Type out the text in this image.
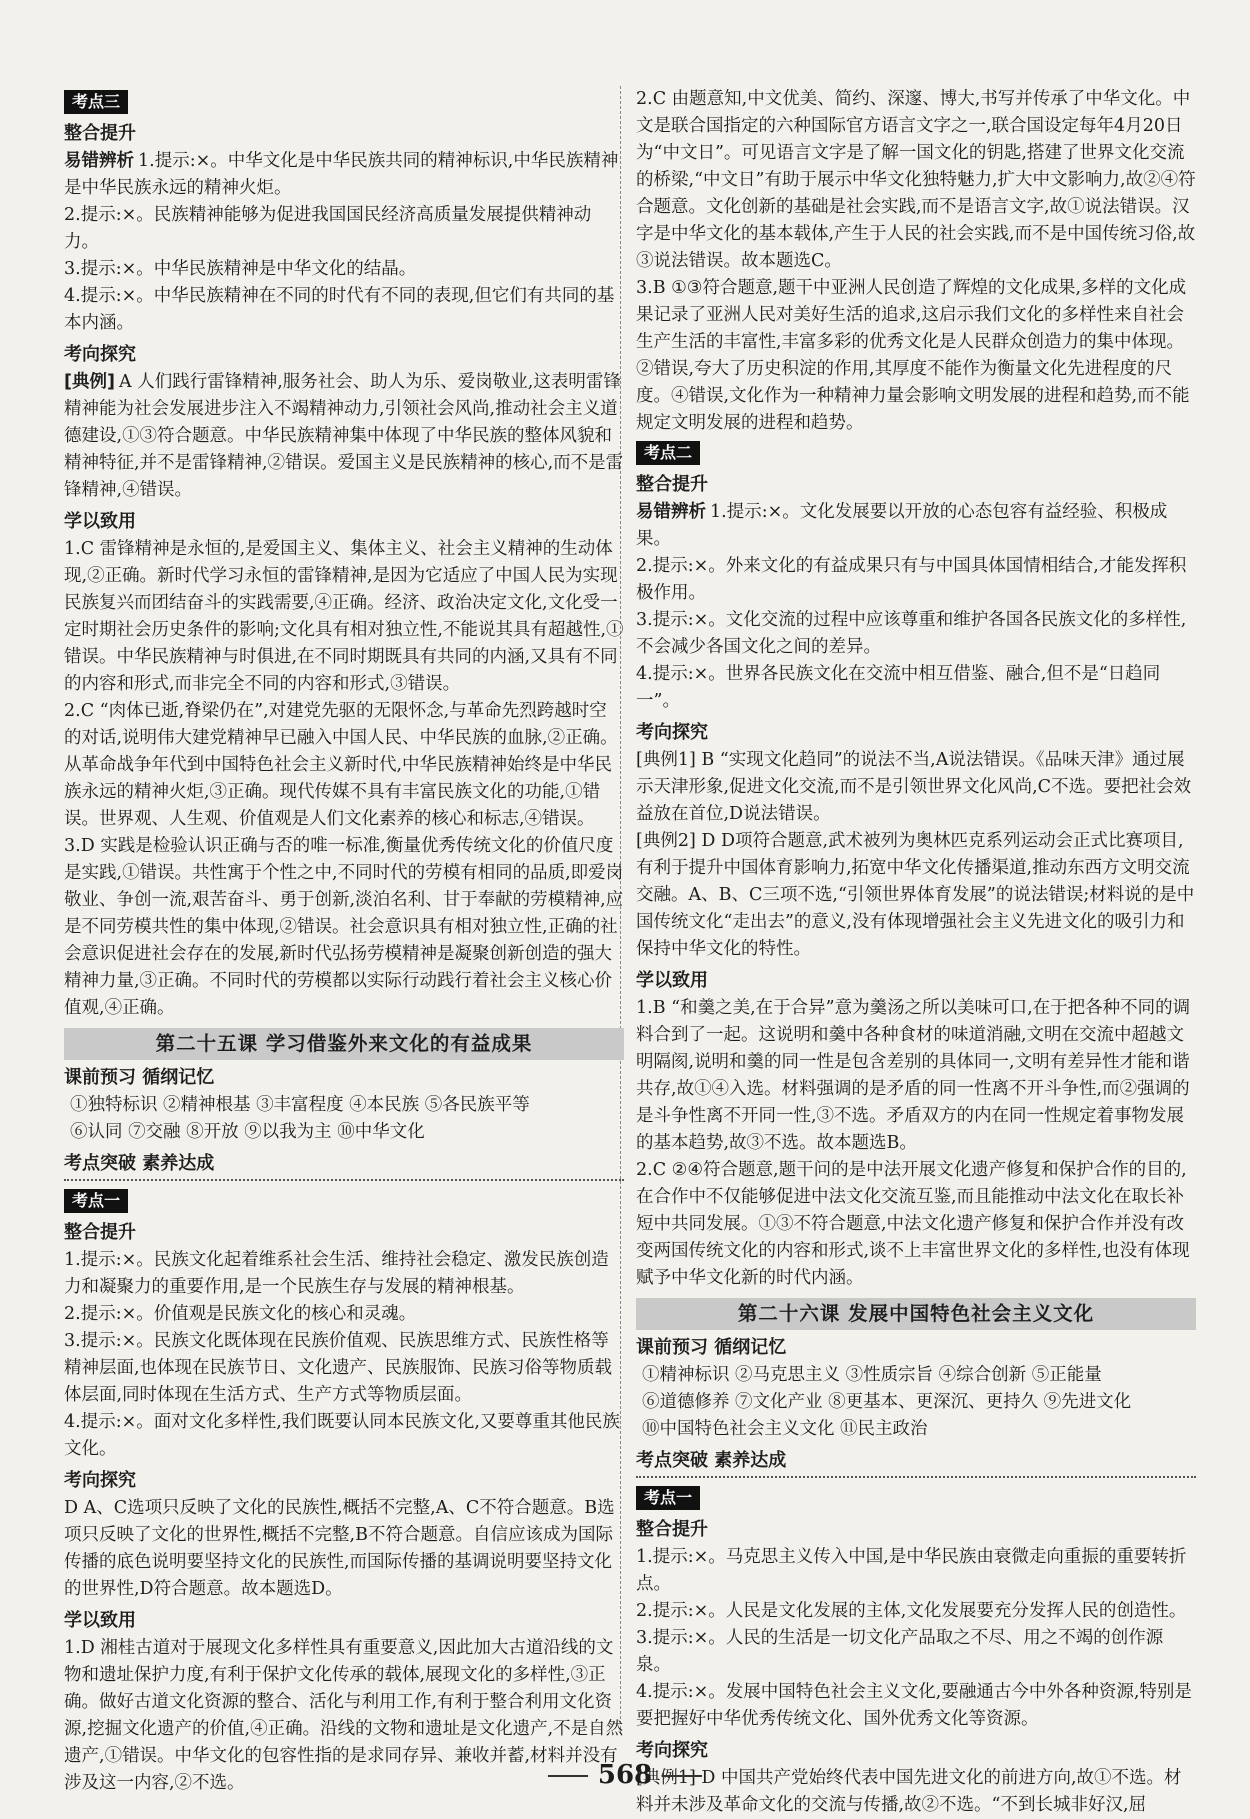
考点三
整合提升

易错辨析 1.提示:×。中华文化是中华民族共同的精神标识,中华民族精神是中华民族永远的精神火炬。

2.提示:×。民族精神能够为促进我国国民经济高质量发展提供精神动力。

3.提示:×。中华民族精神是中华文化的结晶。

4.提示:×。中华民族精神在不同的时代有不同的表现,但它们有共同的基本内涵。

考向探究

[典例] A 人们践行雷锋精神,服务社会、助人为乐、爱岗敬业,这表明雷锋精神能为社会发展进步注入不竭精神动力,引领社会风尚,推动社会主义道德建设,①③符合题意。中华民族精神集中体现了中华民族的整体风貌和精神特征,并不是雷锋精神,②错误。爱国主义是民族精神的核心,而不是雷锋精神,④错误。

学以致用

1.C 雷锋精神是永恒的,是爱国主义、集体主义、社会主义精神的生动体现,②正确。新时代学习永恒的雷锋精神,是因为它适应了中国人民为实现民族复兴而团结奋斗的实践需要,④正确。经济、政治决定文化,文化受一定时期社会历史条件的影响;文化具有相对独立性,不能说其具有超越性,①错误。中华民族精神与时俱进,在不同时期既具有共同的内涵,又具有不同的内容和形式,而非完全不同的内容和形式,③错误。

2.C “肉体已逝,脊梁仍在”,对建党先驱的无限怀念,与革命先烈跨越时空的对话,说明伟大建党精神早已融入中国人民、中华民族的血脉,②正确。从革命战争年代到中国特色社会主义新时代,中华民族精神始终是中华民族永远的精神火炬,③正确。现代传媒不具有丰富民族文化的功能,①错误。世界观、人生观、价值观是人们文化素养的核心和标志,④错误。

3.D 实践是检验认识正确与否的唯一标准,衡量优秀传统文化的价值尺度是实践,①错误。共性寓于个性之中,不同时代的劳模有相同的品质,即爱岗敬业、争创一流,艰苦奋斗、勇于创新,淡泊名利、甘于奉献的劳模精神,应是不同劳模共性的集中体现,②错误。社会意识具有相对独立性,正确的社会意识促进社会存在的发展,新时代弘扬劳模精神是凝聚创新创造的强大精神力量,③正确。不同时代的劳模都以实际行动践行着社会主义核心价值观,④正确。

第二十五课 学习借鉴外来文化的有益成果
课前预习 循纲记忆

①独特标识 ②精神根基 ③丰富程度 ④本民族 ⑤各民族平等

⑥认同 ⑦交融 ⑧开放 ⑨以我为主 ⑩中华文化

考点突破 素养达成
考点一
整合提升

1.提示:×。民族文化起着维系社会生活、维持社会稳定、激发民族创造力和凝聚力的重要作用,是一个民族生存与发展的精神根基。

2.提示:×。价值观是民族文化的核心和灵魂。

3.提示:×。民族文化既体现在民族价值观、民族思维方式、民族性格等精神层面,也体现在民族节日、文化遗产、民族服饰、民族习俗等物质载体层面,同时体现在生活方式、生产方式等物质层面。

4.提示:×。面对文化多样性,我们既要认同本民族文化,又要尊重其他民族文化。

考向探究

D A、C选项只反映了文化的民族性,概括不完整,A、C不符合题意。B选项只反映了文化的世界性,概括不完整,B不符合题意。自信应该成为国际传播的底色说明要坚持文化的民族性,而国际传播的基调说明要坚持文化的世界性,D符合题意。故本题选D。

学以致用

1.D 湘桂古道对于展现文化多样性具有重要意义,因此加大古道沿线的文物和遗址保护力度,有利于保护文化传承的载体,展现文化的多样性,③正确。做好古道文化资源的整合、活化与利用工作,有利于整合利用文化资源,挖掘文化遗产的价值,④正确。沿线的文物和遗址是文化遗产,不是自然遗产,①错误。中华文化的包容性指的是求同存异、兼收并蓄,材料并没有涉及这一内容,②不选。

2.C 由题意知,中文优美、简约、深邃、博大,书写并传承了中华文化。中文是联合国指定的六种国际官方语言文字之一,联合国设定每年4月20日为“中文日”。可见语言文字是了解一国文化的钥匙,搭建了世界文化交流的桥梁,“中文日”有助于展示中华文化独特魅力,扩大中文影响力,故②④符合题意。文化创新的基础是社会实践,而不是语言文字,故①说法错误。汉字是中华文化的基本载体,产生于人民的社会实践,而不是中国传统习俗,故③说法错误。故本题选C。

3.B ①③符合题意,题干中亚洲人民创造了辉煌的文化成果,多样的文化成果记录了亚洲人民对美好生活的追求,这启示我们文化的多样性来自社会生产生活的丰富性,丰富多彩的优秀文化是人民群众创造力的集中体现。②错误,夸大了历史积淀的作用,其厚度不能作为衡量文化先进程度的尺度。④错误,文化作为一种精神力量会影响文明发展的进程和趋势,而不能规定文明发展的进程和趋势。

考点二
整合提升

易错辨析 1.提示:×。文化发展要以开放的心态包容有益经验、积极成果。

2.提示:×。外来文化的有益成果只有与中国具体国情相结合,才能发挥积极作用。

3.提示:×。文化交流的过程中应该尊重和维护各国各民族文化的多样性,不会减少各国文化之间的差异。

4.提示:×。世界各民族文化在交流中相互借鉴、融合,但不是“日趋同一”。

考向探究

[典例1] B “实现文化趋同”的说法不当,A说法错误。《品味天津》通过展示天津形象,促进文化交流,而不是引领世界文化风尚,C不选。要把社会效益放在首位,D说法错误。

[典例2] D D项符合题意,武术被列为奥林匹克系列运动会正式比赛项目,有利于提升中国体育影响力,拓宽中华文化传播渠道,推动东西方文明交流交融。A、B、C三项不选,“引领世界体育发展”的说法错误;材料说的是中国传统文化“走出去”的意义,没有体现增强社会主义先进文化的吸引力和保持中华文化的特性。

学以致用

1.B “和羹之美,在于合异”意为羹汤之所以美味可口,在于把各种不同的调料合到了一起。这说明和羹中各种食材的味道消融,文明在交流中超越文明隔阂,说明和羹的同一性是包含差别的具体同一,文明有差异性才能和谐共存,故①④入选。材料强调的是矛盾的同一性离不开斗争性,而②强调的是斗争性离不开同一性,③不选。矛盾双方的内在同一性规定着事物发展的基本趋势,故③不选。故本题选B。

2.C ②④符合题意,题干问的是中法开展文化遗产修复和保护合作的目的,在合作中不仅能够促进中法文化交流互鉴,而且能推动中法文化在取长补短中共同发展。①③不符合题意,中法文化遗产修复和保护合作并没有改变两国传统文化的内容和形式,谈不上丰富世界文化的多样性,也没有体现赋予中华文化新的时代内涵。

第二十六课 发展中国特色社会主义文化
课前预习 循纲记忆

①精神标识 ②马克思主义 ③性质宗旨 ④综合创新 ⑤正能量

⑥道德修养 ⑦文化产业 ⑧更基本、更深沉、更持久 ⑨先进文化

⑩中国特色社会主义文化 ⑪民主政治

考点突破 素养达成
考点一
整合提升

1.提示:×。马克思主义传入中国,是中华民族由衰微走向重振的重要转折点。

2.提示:×。人民是文化发展的主体,文化发展要充分发挥人民的创造性。

3.提示:×。人民的生活是一切文化产品取之不尽、用之不竭的创作源泉。

4.提示:×。发展中国特色社会主义文化,要融通古今中外各种资源,特别是要把握好中华优秀传统文化、国外优秀文化等资源。

考向探究

[典例1] D 中国共产党始终代表中国先进文化的前进方向,故①不选。材料并未涉及革命文化的交流与传播,故②不选。“不到长城非好汉,屈

568
